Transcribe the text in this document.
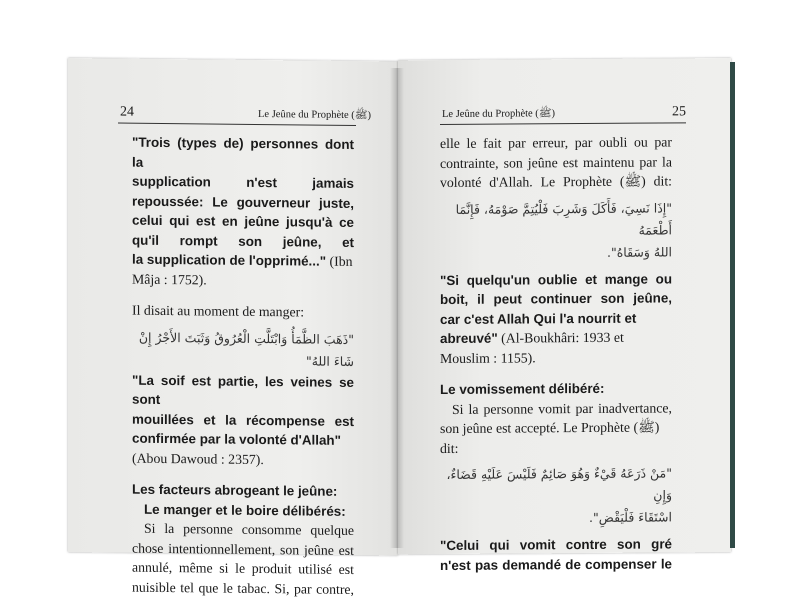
24	Le Jeûne du Prophète (ﷺ)

"Trois (types de) personnes dont la

supplication n'est jamais

repoussée: Le gouverneur juste,

celui qui est en jeûne jusqu'à ce

qu'il rompt son jeûne, et

la supplication de l'opprimé..." (Ibn

Mâja : 1752).

Il disait au moment de manger:

"ذَهَبَ الظَّمَأُ وَابْتَلَّتِ الْعُرُوقُ وَثَبَتَ الأَجْرُ إِنْ شَاءَ اللهُ"

"La soif est partie, les veines se sont

mouillées et la récompense est

confirmée par la volonté d'Allah"

(Abou Dawoud : 2357).

Les facteurs abrogeant le jeûne:

Le manger et le boire délibérés:

Si la personne consomme quelque

chose intentionnellement, son jeûne est

annulé, même si le produit utilisé est

nuisible tel que le tabac. Si, par contre,

Le Jeûne du Prophète (ﷺ)	25

elle le fait par erreur, par oubli ou par

contrainte, son jeûne est maintenu par la

volonté d'Allah. Le Prophète (ﷺ) dit:

"إِذَا نَسِيَ، فَأَكَلَ وَشَرِبَ فَلْيُتِمَّ صَوْمَهُ، فَإِنَّمَا أَطْعَمَهُ

اللهُ وَسَقَاهُ".

"Si quelqu'un oublie et mange ou

boit, il peut continuer son jeûne,

car c'est Allah Qui l'a nourrit et

abreuvé" (Al-Boukhâri: 1933 et

Mouslim : 1155).

Le vomissement délibéré:

Si la personne vomit par inadvertance,

son jeûne est accepté. Le Prophète (ﷺ) dit:

"مَنْ ذَرَعَهُ قَيْءٌ وَهُوَ صَائِمٌ فَلَيْسَ عَلَيْهِ قَضَاءٌ، وَإِنِ

اسْتَقَاءَ فَلْيَقْضِ".

"Celui qui vomit contre son gré

n'est pas demandé de compenser le
